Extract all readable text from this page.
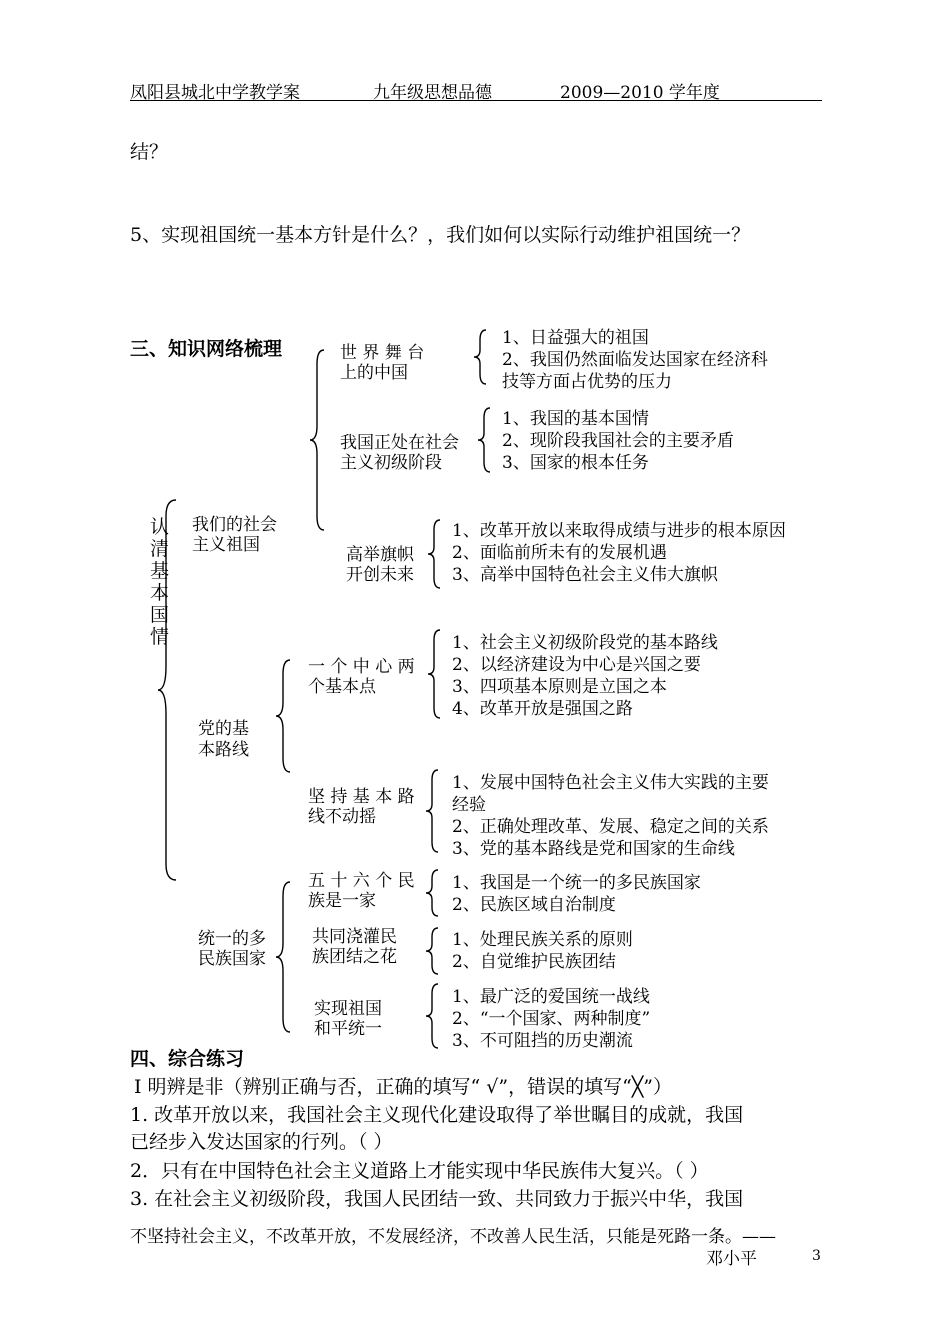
凤阳县城北中学教学案	九年级思想品德	2009—2010 学年度
结？
5、实现祖国统一基本方针是什么？，我们如何以实际行动维护祖国统一？
三、知识网络梳理
认清基本国情
我们的社会
主义祖国
党的基
本路线
统一的多
民族国家
世 界 舞 台
上的中国
我国正处在社会
主义初级阶段
高举旗帜
开创未来
一 个 中 心 两
个基本点
坚 持 基 本 路
线不动摇
五 十 六 个 民
族是一家
共同浇灌民
族团结之花
实现祖国
和平统一
1、日益强大的祖国
2、我国仍然面临发达国家在经济科
技等方面占优势的压力
1、我国的基本国情
2、现阶段我国社会的主要矛盾
3、国家的根本任务
1、改革开放以来取得成绩与进步的根本原因
2、面临前所未有的发展机遇
3、高举中国特色社会主义伟大旗帜
1、社会主义初级阶段党的基本路线
2、以经济建设为中心是兴国之要
3、四项基本原则是立国之本
4、改革开放是强国之路
1、发展中国特色社会主义伟大实践的主要
经验
2、正确处理改革、发展、稳定之间的关系
3、党的基本路线是党和国家的生命线
1、我国是一个统一的多民族国家
2、民族区域自治制度
1、处理民族关系的原则
2、自觉维护民族团结
1、最广泛的爱国统一战线
2、“一个国家、两种制度”
3、不可阻挡的历史潮流
四、综合练习
Ⅰ 明辨是非（辨别正确与否，正确的填写“ √”，错误的填写“╳”）
1. 改革开放以来，我国社会主义现代化建设取得了举世瞩目的成就，我国
已经步入发达国家的行列。（ ）
2．只有在中国特色社会主义道路上才能实现中华民族伟大复兴。（ ）
3. 在社会主义初级阶段，我国人民团结一致、共同致力于振兴中华，我国
不坚持社会主义，不改革开放，不发展经济，不改善人民生活，只能是死路一条。——
邓小平	3
